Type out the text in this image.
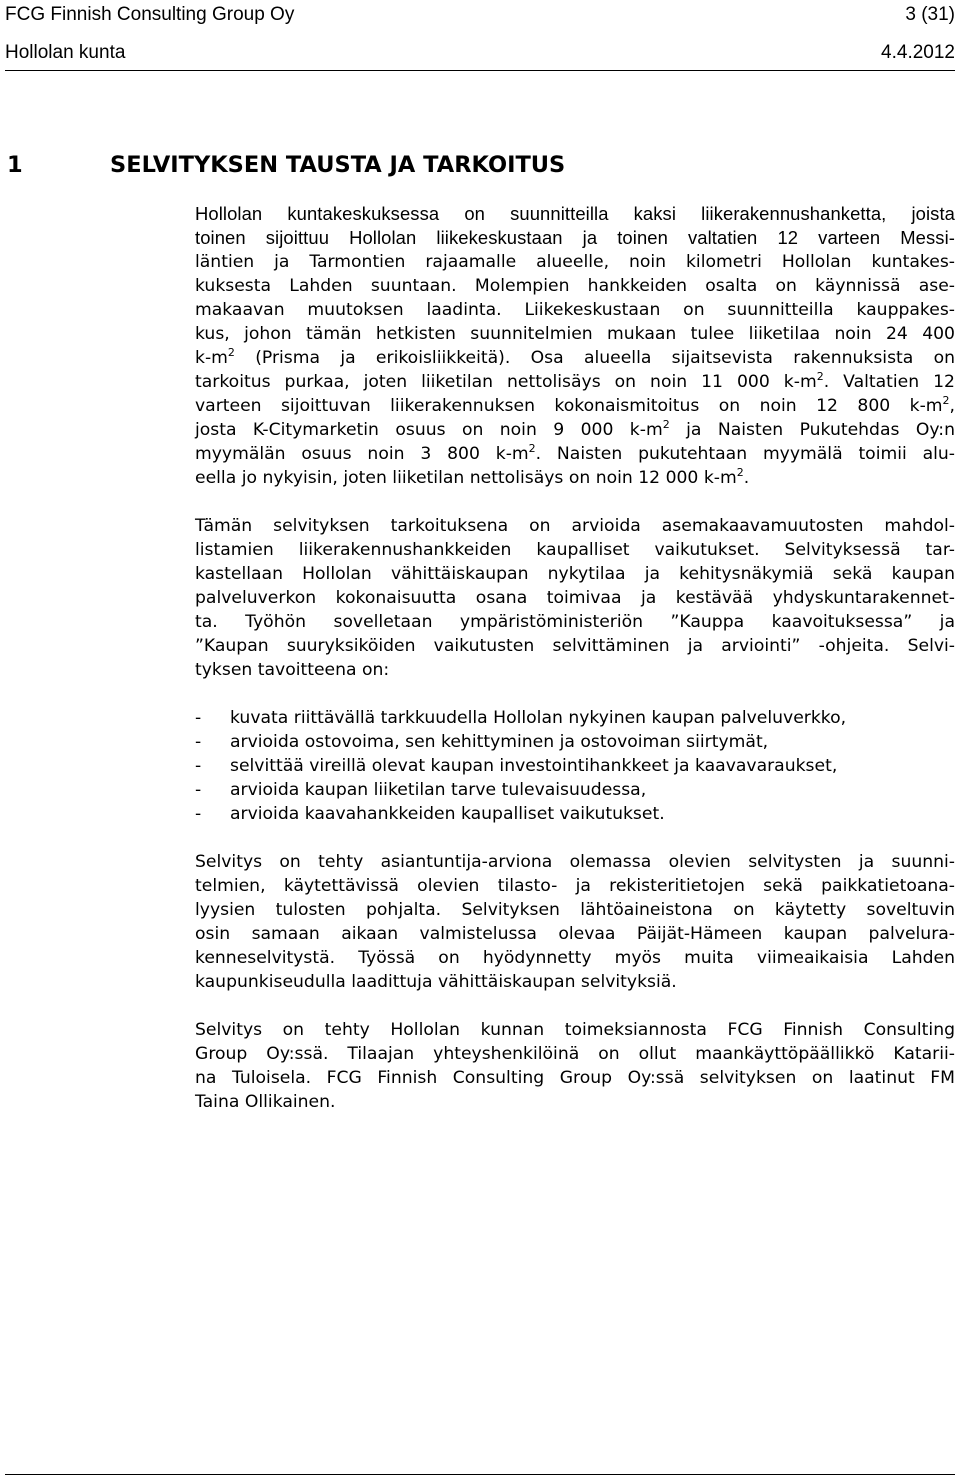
FCG Finnish Consulting Group Oy	3 (31)
Hollolan kunta	4.4.2012
1	SELVITYKSEN TAUSTA JA TARKOITUS

Hollolan kuntakeskuksessa on suunnitteilla kaksi liikerakennushanketta, joista
toinen sijoittuu Hollolan liikekeskustaan ja toinen valtatien 12 varteen Messi-
läntien ja Tarmontien rajaamalle alueelle, noin kilometri Hollolan kuntakes-
kuksesta Lahden suuntaan. Molempien hankkeiden osalta on käynnissä ase-
makaavan muutoksen laadinta. Liikekeskustaan on suunnitteilla kauppakes-
kus, johon tämän hetkisten suunnitelmien mukaan tulee liiketilaa noin 24 400
$k-m^2$ (Prisma ja erikoisliikkeitä). Osa alueella sijaitsevista rakennuksista on
tarkoitus purkaa, joten liiketilan nettolisäys on noin 11 000 $k-m^2$. Valtatien 12
varteen sijoittuvan liikerakennuksen kokonaismitoitus on noin 12 800 $k-m^2$,
josta K-Citymarketin osuus on noin 9 000 $k-m^2$ ja Naisten Pukutehdas Oy:n
myymälän osuus noin 3 800 $k-m^2$. Naisten pukutehtaan myymälä toimii alu-
eella jo nykyisin, joten liiketilan nettolisäys on noin 12 000 $k-m^2$.

Tämän selvityksen tarkoituksena on arvioida asemakaavamuutosten mahdol-
listamien liikerakennushankkeiden kaupalliset vaikutukset. Selvityksessä tar-
kastellaan Hollolan vähittäiskaupan nykytilaa ja kehitysnäkymiä sekä kaupan
palveluverkon kokonaisuutta osana toimivaa ja kestävää yhdyskuntarakennet-
ta. Työhön sovelletaan ympäristöministeriön ”Kauppa kaavoituksessa” ja
”Kaupan suuryksiköiden vaikutusten selvittäminen ja arviointi” -ohjeita. Selvi-
tyksen tavoitteena on:

-	kuvata riittävällä tarkkuudella Hollolan nykyinen kaupan palveluverkko,
-	arvioida ostovoima, sen kehittyminen ja ostovoiman siirtymät,
-	selvittää vireillä olevat kaupan investointihankkeet ja kaavavaraukset,
-	arvioida kaupan liiketilan tarve tulevaisuudessa,
-	arvioida kaavahankkeiden kaupalliset vaikutukset.

Selvitys on tehty asiantuntija-arviona olemassa olevien selvitysten ja suunni-
telmien, käytettävissä olevien tilasto- ja rekisteritietojen sekä paikkatietoana-
lyysien tulosten pohjalta. Selvityksen lähtöaineistona on käytetty soveltuvin
osin samaan aikaan valmistelussa olevaa Päijät-Hämeen kaupan palvelura-
kenneselvitystä. Työssä on hyödynnetty myös muita viimeaikaisia Lahden
kaupunkiseudulla laadittuja vähittäiskaupan selvityksiä.

Selvitys on tehty Hollolan kunnan toimeksiannosta FCG Finnish Consulting
Group Oy:ssä. Tilaajan yhteyshenkilöinä on ollut maankäyttöpäällikkö Katarii-
na Tuloisela. FCG Finnish Consulting Group Oy:ssä selvityksen on laatinut FM
Taina Ollikainen.
